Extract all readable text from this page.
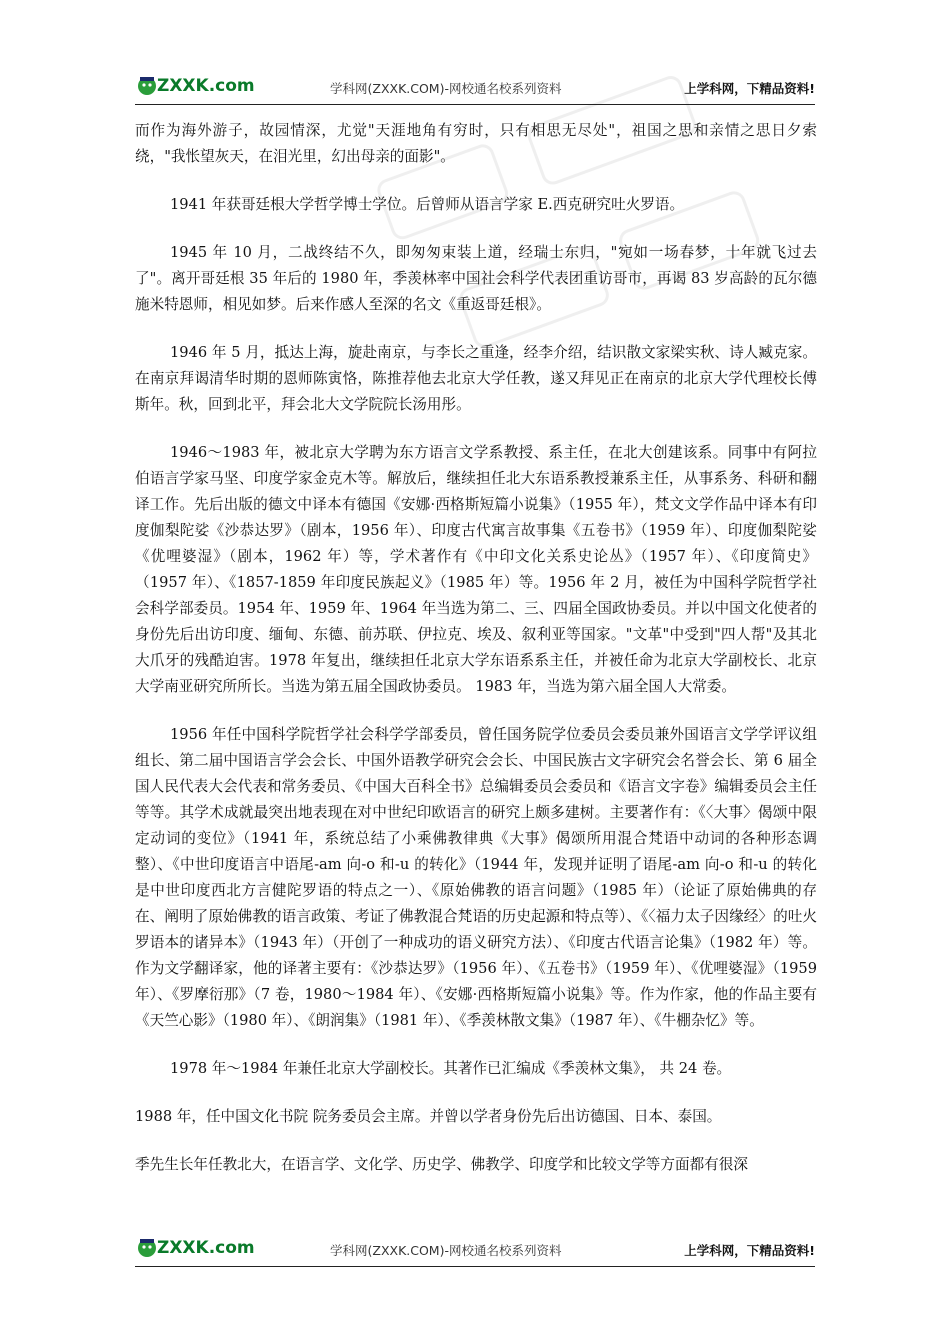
ZXXK.com	学科网(ZXXK.COM)-网校通名校系列资料	上学科网，下精品资料!

而作为海外游子，故园情深，尤觉"天涯地角有穷时，只有相思无尽处"，祖国之思和亲情之思日夕索绕，"我怅望灰天，在泪光里，幻出母亲的面影"。

1941 年获哥廷根大学哲学博士学位。后曾师从语言学家 E.西克研究吐火罗语。

1945 年 10 月，二战终结不久，即匆匆束装上道，经瑞士东归，"宛如一场春梦，十年就飞过去了"。离开哥廷根 35 年后的 1980 年，季羡林率中国社会科学代表团重访哥市，再谒 83 岁高龄的瓦尔德施米特恩师，相见如梦。后来作感人至深的名文《重返哥廷根》。

1946 年 5 月，抵达上海，旋赴南京，与李长之重逢，经李介绍，结识散文家梁实秋、诗人臧克家。在南京拜谒清华时期的恩师陈寅恪，陈推荐他去北京大学任教，遂又拜见正在南京的北京大学代理校长傅斯年。秋，回到北平，拜会北大文学院院长汤用彤。

1946～1983 年，被北京大学聘为东方语言文学系教授、系主任，在北大创建该系。同事中有阿拉伯语言学家马坚、印度学家金克木等。解放后，继续担任北大东语系教授兼系主任，从事系务、科研和翻译工作。先后出版的德文中译本有德国《安娜·西格斯短篇小说集》（1955 年），梵文文学作品中译本有印度伽梨陀娑《沙恭达罗》（剧本，1956 年）、印度古代寓言故事集《五卷书》（1959 年）、印度伽梨陀娑《优哩婆湿》（剧本，1962 年）等，学术著作有《中印文化关系史论丛》（1957 年）、《印度简史》（1957 年）、《1857-1859 年印度民族起义》（1985 年）等。1956 年 2 月，被任为中国科学院哲学社会科学部委员。1954 年、1959 年、1964 年当选为第二、三、四届全国政协委员。并以中国文化使者的身份先后出访印度、缅甸、东德、前苏联、伊拉克、埃及、叙利亚等国家。"文革"中受到"四人帮"及其北大爪牙的残酷迫害。1978 年复出，继续担任北京大学东语系系主任，并被任命为北京大学副校长、北京大学南亚研究所所长。当选为第五届全国政协委员。 1983 年，当选为第六届全国人大常委。

1956 年任中国科学院哲学社会科学学部委员，曾任国务院学位委员会委员兼外国语言文学学评议组组长、第二届中国语言学会会长、中国外语教学研究会会长、中国民族古文字研究会名誉会长、第 6 届全国人民代表大会代表和常务委员、《中国大百科全书》总编辑委员会委员和《语言文字卷》编辑委员会主任等等。其学术成就最突出地表现在对中世纪印欧语言的研究上颇多建树。主要著作有：《〈大事〉偈颂中限定动词的变位》（1941 年，系统总结了小乘佛教律典《大事》偈颂所用混合梵语中动词的各种形态调整）、《中世印度语言中语尾-am 向-o 和-u 的转化》（1944 年，发现并证明了语尾-am 向-o 和-u 的转化是中世印度西北方言健陀罗语的特点之一）、《原始佛教的语言问题》（1985 年）（论证了原始佛典的存在、阐明了原始佛教的语言政策、考证了佛教混合梵语的历史起源和特点等）、《〈福力太子因缘经〉的吐火罗语本的诸异本》（1943 年）（开创了一种成功的语义研究方法）、《印度古代语言论集》（1982 年）等。作为文学翻译家，他的译著主要有：《沙恭达罗》（1956 年）、《五卷书》（1959 年）、《优哩婆湿》（1959 年）、《罗摩衍那》（7 卷，1980～1984 年）、《安娜·西格斯短篇小说集》等。作为作家，他的作品主要有《天竺心影》（1980 年）、《朗润集》（1981 年）、《季羡林散文集》（1987 年）、《牛棚杂忆》等。

1978 年～1984 年兼任北京大学副校长。其著作已汇编成《季羡林文集》， 共 24 卷。

1988 年，任中国文化书院 院务委员会主席。并曾以学者身份先后出访德国、日本、泰国。

季先生长年任教北大，在语言学、文化学、历史学、佛教学、印度学和比较文学等方面都有很深

ZXXK.com	学科网(ZXXK.COM)-网校通名校系列资料	上学科网，下精品资料!
